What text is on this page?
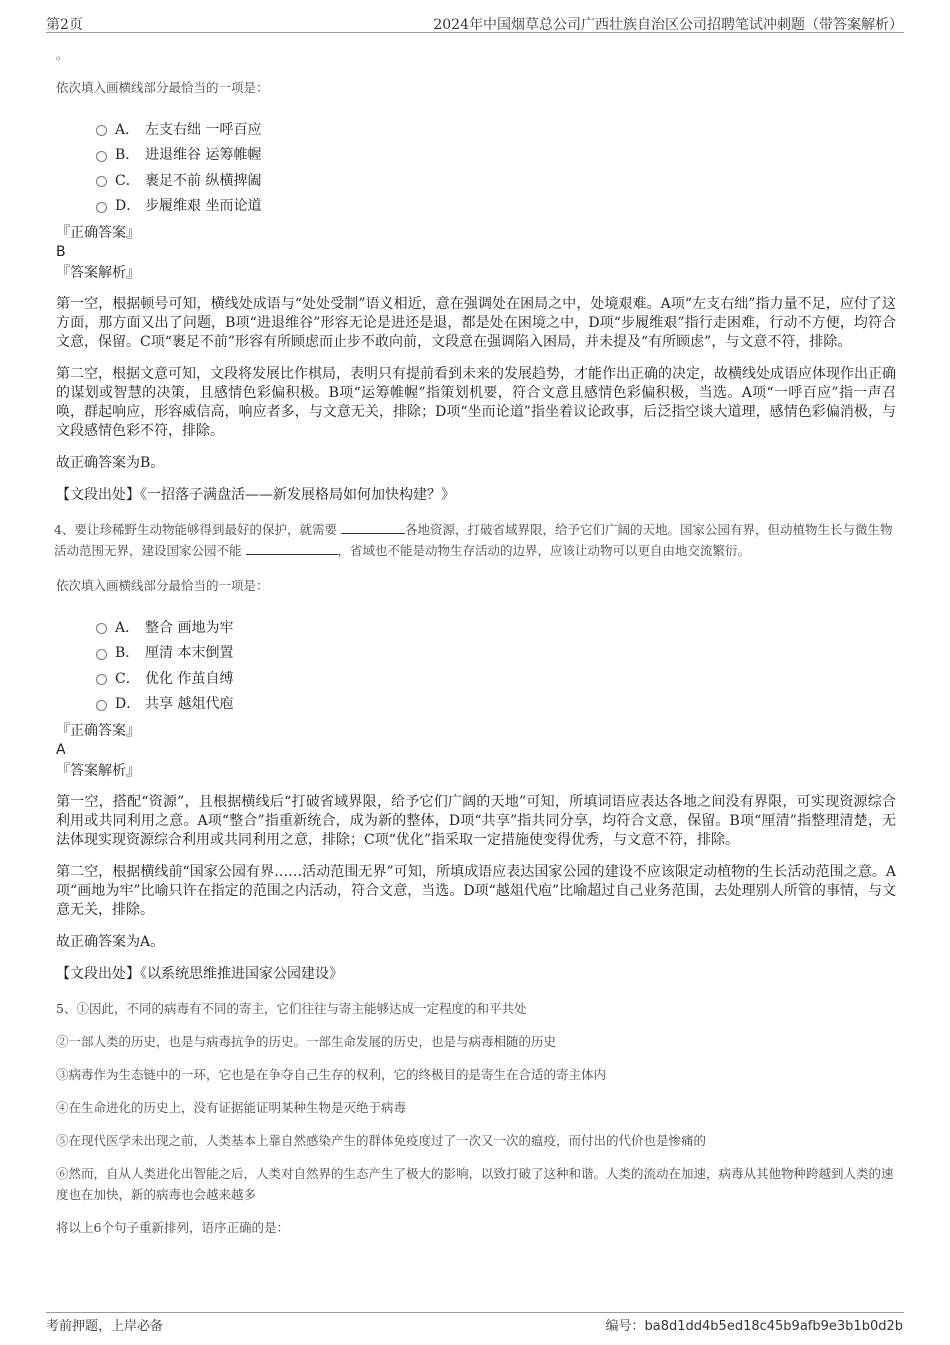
第2页	2024年中国烟草总公司广西壮族自治区公司招聘笔试冲刺题（带答案解析）
。
依次填入画横线部分最恰当的一项是：
A． 左支右绌 一呼百应
B． 进退维谷 运筹帷幄
C． 裹足不前 纵横捭阖
D． 步履维艰 坐而论道
『正确答案』
B
『答案解析』
第一空，根据顿号可知，横线处成语与“处处受制”语义相近，意在强调处在困局之中，处境艰难。A项“左支右绌”指力量不足，应付了这方面，那方面又出了问题，B项“进退维谷”形容无论是进还是退，都是处在困境之中，D项“步履维艰”指行走困难，行动不方便，均符合文意，保留。C项“裹足不前”形容有所顾虑而止步不敢向前，文段意在强调陷入困局，并未提及“有所顾虑”，与文意不符，排除。
第二空，根据文意可知，文段将发展比作棋局，表明只有提前看到未来的发展趋势，才能作出正确的决定，故横线处成语应体现作出正确的谋划或智慧的决策，且感情色彩偏积极。B项“运筹帷幄”指策划机要，符合文意且感情色彩偏积极，当选。A项“一呼百应”指一声召唤，群起响应，形容威信高，响应者多，与文意无关，排除；D项“坐而论道”指坐着议论政事，后泛指空谈大道理，感情色彩偏消极，与文段感情色彩不符，排除。
故正确答案为B。
【文段出处】《一招落子满盘活——新发展格局如何加快构建？》
4、要让珍稀野生动物能够得到最好的保护，就需要	各地资源，打破省域界限，给予它们广阔的天地。国家公园有界，但动植物生长与微生物活动范围无界，建设国家公园不能	，省域也不能是动物生存活动的边界，应该让动物可以更自由地交流繁衍。
依次填入画横线部分最恰当的一项是：
A． 整合 画地为牢
B． 厘清 本末倒置
C． 优化 作茧自缚
D． 共享 越俎代庖
『正确答案』
A
『答案解析』
第一空，搭配“资源”，且根据横线后“打破省域界限，给予它们广阔的天地”可知，所填词语应表达各地之间没有界限，可实现资源综合利用或共同利用之意。A项“整合”指重新统合，成为新的整体，D项“共享”指共同分享，均符合文意，保留。B项“厘清”指整理清楚，无法体现实现资源综合利用或共同利用之意，排除；C项“优化”指采取一定措施使变得优秀，与文意不符，排除。
第二空，根据横线前“国家公园有界……活动范围无界”可知，所填成语应表达国家公园的建设不应该限定动植物的生长活动范围之意。A项“画地为牢”比喻只许在指定的范围之内活动，符合文意，当选。D项“越俎代庖”比喻超过自己业务范围，去处理别人所管的事情，与文意无关，排除。
故正确答案为A。
【文段出处】《以系统思维推进国家公园建设》
5、①因此，不同的病毒有不同的寄主，它们往往与寄主能够达成一定程度的和平共处
②一部人类的历史，也是与病毒抗争的历史。一部生命发展的历史，也是与病毒相随的历史
③病毒作为生态链中的一环，它也是在争夺自己生存的权利，它的终极目的是寄生在合适的寄主体内
④在生命进化的历史上，没有证据能证明某种生物是灭绝于病毒
⑤在现代医学未出现之前，人类基本上靠自然感染产生的群体免疫度过了一次又一次的瘟疫，而付出的代价也是惨痛的
⑥然而，自从人类进化出智能之后，人类对自然界的生态产生了极大的影响，以致打破了这种和谐。人类的流动在加速，病毒从其他物种跨越到人类的速度也在加快，新的病毒也会越来越多
将以上6个句子重新排列，语序正确的是：
考前押题，上岸必备	编号：ba8d1dd4b5ed18c45b9afb9e3b1b0d2b
